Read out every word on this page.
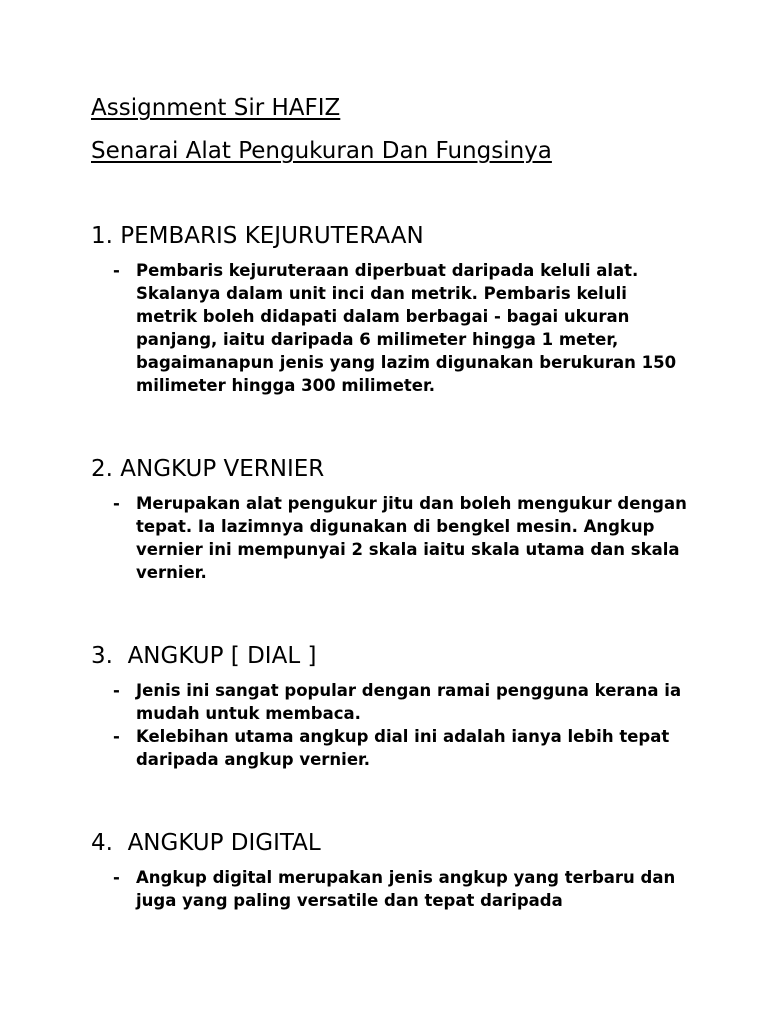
Assignment Sir HAFIZ
Senarai Alat Pengukuran Dan Fungsinya
1. PEMBARIS KEJURUTERAAN
- Pembaris kejuruteraan diperbuat daripada keluli alat. Skalanya dalam unit inci dan metrik. Pembaris keluli metrik boleh didapati dalam berbagai - bagai ukuran panjang, iaitu daripada 6 milimeter hingga 1 meter, bagaimanapun jenis yang lazim digunakan berukuran 150 milimeter hingga 300 milimeter.
2. ANGKUP VERNIER
- Merupakan alat pengukur jitu dan boleh mengukur dengan tepat. Ia lazimnya digunakan di bengkel mesin. Angkup vernier ini mempunyai 2 skala iaitu skala utama dan skala vernier.
3.  ANGKUP [ DIAL ]
- Jenis ini sangat popular dengan ramai pengguna kerana ia mudah untuk membaca.
- Kelebihan utama angkup dial ini adalah ianya lebih tepat daripada angkup vernier.
4.  ANGKUP DIGITAL
- Angkup digital merupakan jenis angkup yang terbaru dan juga yang paling versatile dan tepat daripada
